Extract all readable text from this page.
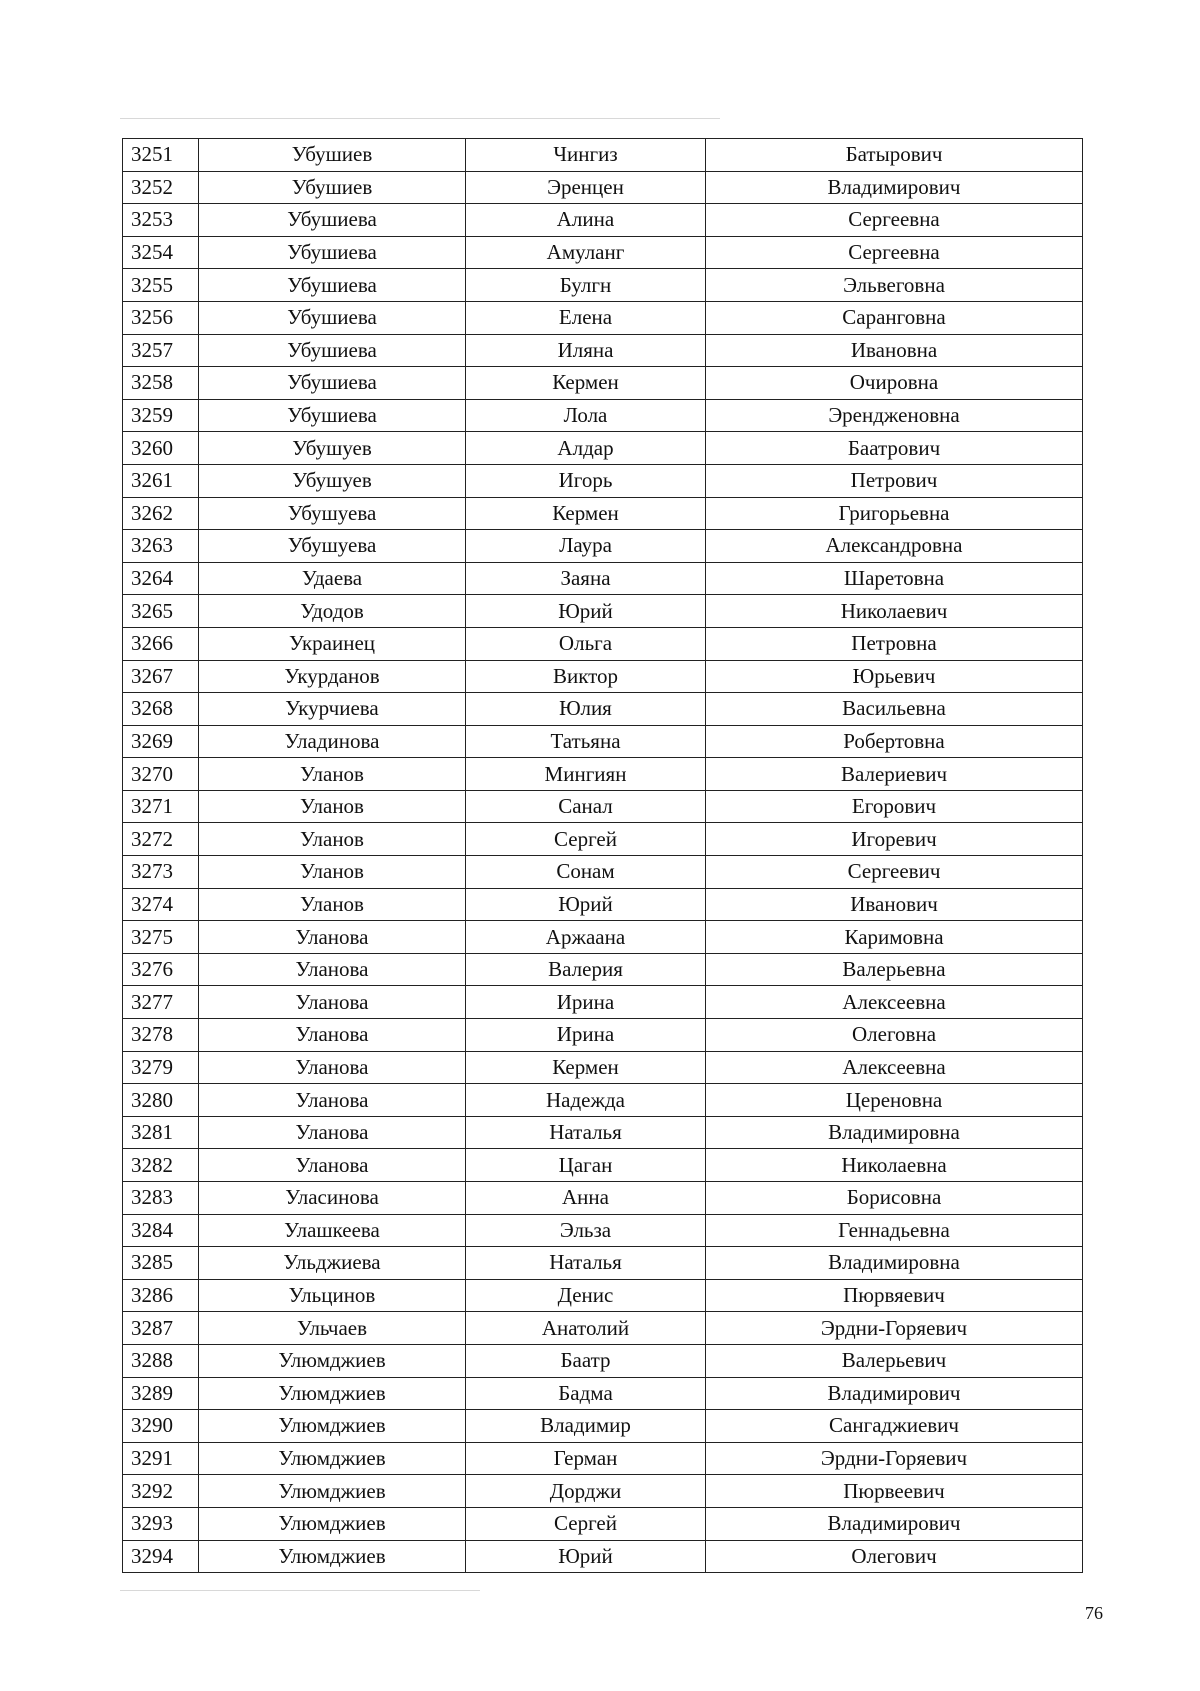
3251	Убушиев	Чингиз	Батырович
3252	Убушиев	Эренцен	Владимирович
3253	Убушиева	Алина	Сергеевна
3254	Убушиева	Амуланг	Сергеевна
3255	Убушиева	Булгн	Эльвеговна
3256	Убушиева	Елена	Саранговна
3257	Убушиева	Иляна	Ивановна
3258	Убушиева	Кермен	Очировна
3259	Убушиева	Лола	Эрендженовна
3260	Убушуев	Алдар	Баатрович
3261	Убушуев	Игорь	Петрович
3262	Убушуева	Кермен	Григорьевна
3263	Убушуева	Лаура	Александровна
3264	Удаева	Заяна	Шаретовна
3265	Удодов	Юрий	Николаевич
3266	Украинец	Ольга	Петровна
3267	Укурданов	Виктор	Юрьевич
3268	Укурчиева	Юлия	Васильевна
3269	Уладинова	Татьяна	Робертовна
3270	Уланов	Мингиян	Валериевич
3271	Уланов	Санал	Егорович
3272	Уланов	Сергей	Игоревич
3273	Уланов	Сонам	Сергеевич
3274	Уланов	Юрий	Иванович
3275	Уланова	Аржаана	Каримовна
3276	Уланова	Валерия	Валерьевна
3277	Уланова	Ирина	Алексеевна
3278	Уланова	Ирина	Олеговна
3279	Уланова	Кермен	Алексеевна
3280	Уланова	Надежда	Цереновна
3281	Уланова	Наталья	Владимировна
3282	Уланова	Цаган	Николаевна
3283	Уласинова	Анна	Борисовна
3284	Улашкеева	Эльза	Геннадьевна
3285	Ульджиева	Наталья	Владимировна
3286	Ульцинов	Денис	Пюрвяевич
3287	Ульчаев	Анатолий	Эрдни-Горяевич
3288	Улюмджиев	Баатр	Валерьевич
3289	Улюмджиев	Бадма	Владимирович
3290	Улюмджиев	Владимир	Сангаджиевич
3291	Улюмджиев	Герман	Эрдни-Горяевич
3292	Улюмджиев	Дорджи	Пюрвеевич
3293	Улюмджиев	Сергей	Владимирович
3294	Улюмджиев	Юрий	Олегович
76
